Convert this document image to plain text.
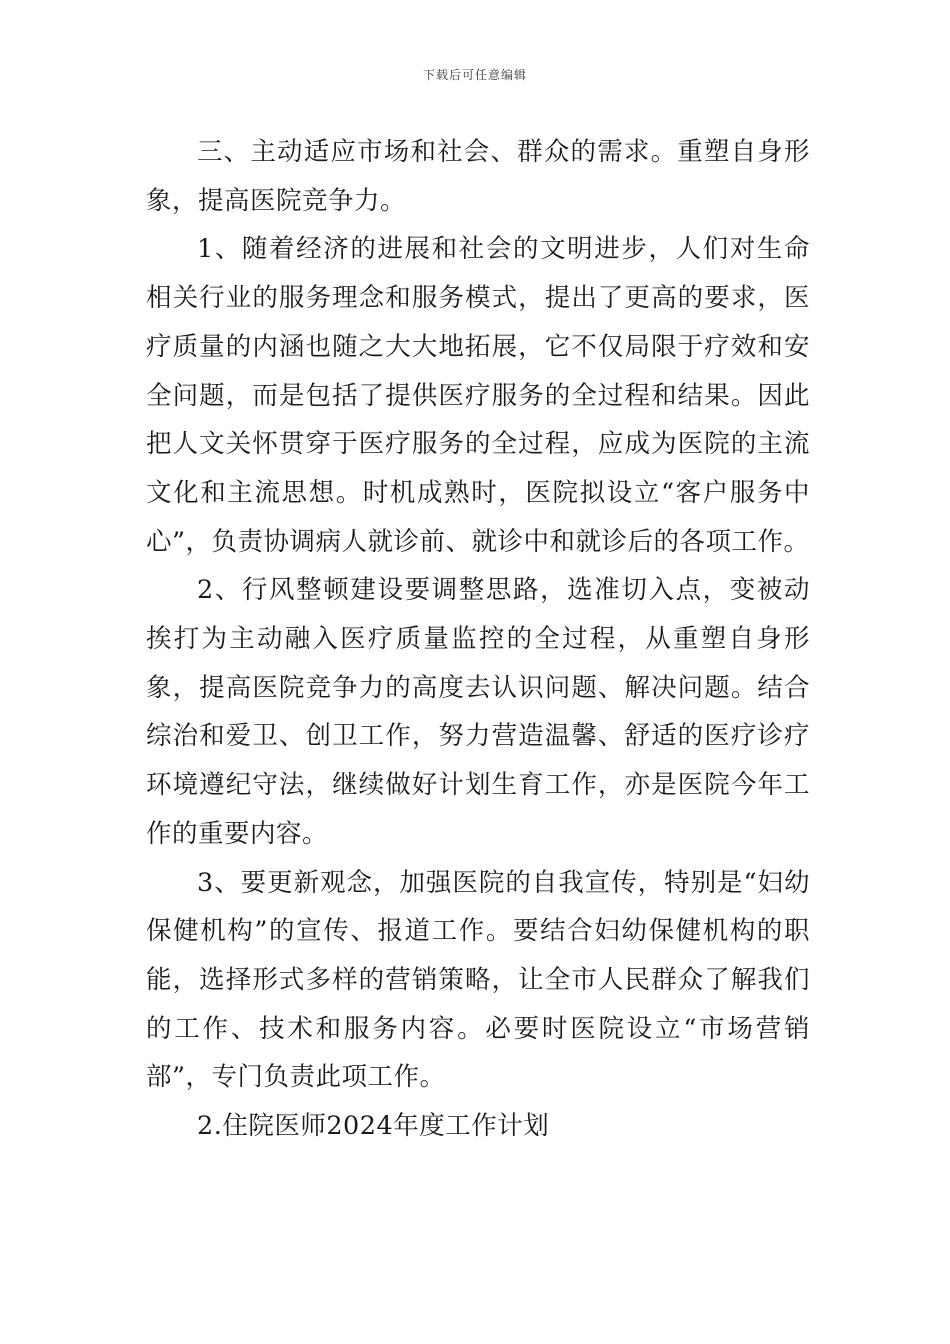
下载后可任意编辑

三、主动适应市场和社会、群众的需求。重塑自身形象，提高医院竞争力。

1、随着经济的进展和社会的文明进步，人们对生命相关行业的服务理念和服务模式，提出了更高的要求，医疗质量的内涵也随之大大地拓展，它不仅局限于疗效和安全问题，而是包括了提供医疗服务的全过程和结果。因此把人文关怀贯穿于医疗服务的全过程，应成为医院的主流文化和主流思想。时机成熟时，医院拟设立“客户服务中心”，负责协调病人就诊前、就诊中和就诊后的各项工作。

2、行风整顿建设要调整思路，选准切入点，变被动挨打为主动融入医疗质量监控的全过程，从重塑自身形象，提高医院竞争力的高度去认识问题、解决问题。结合综治和爱卫、创卫工作，努力营造温馨、舒适的医疗诊疗环境遵纪守法，继续做好计划生育工作，亦是医院今年工作的重要内容。

3、要更新观念，加强医院的自我宣传，特别是“妇幼保健机构”的宣传、报道工作。要结合妇幼保健机构的职能，选择形式多样的营销策略，让全市人民群众了解我们的工作、技术和服务内容。必要时医院设立“市场营销部”，专门负责此项工作。

2.住院医师2024年度工作计划
